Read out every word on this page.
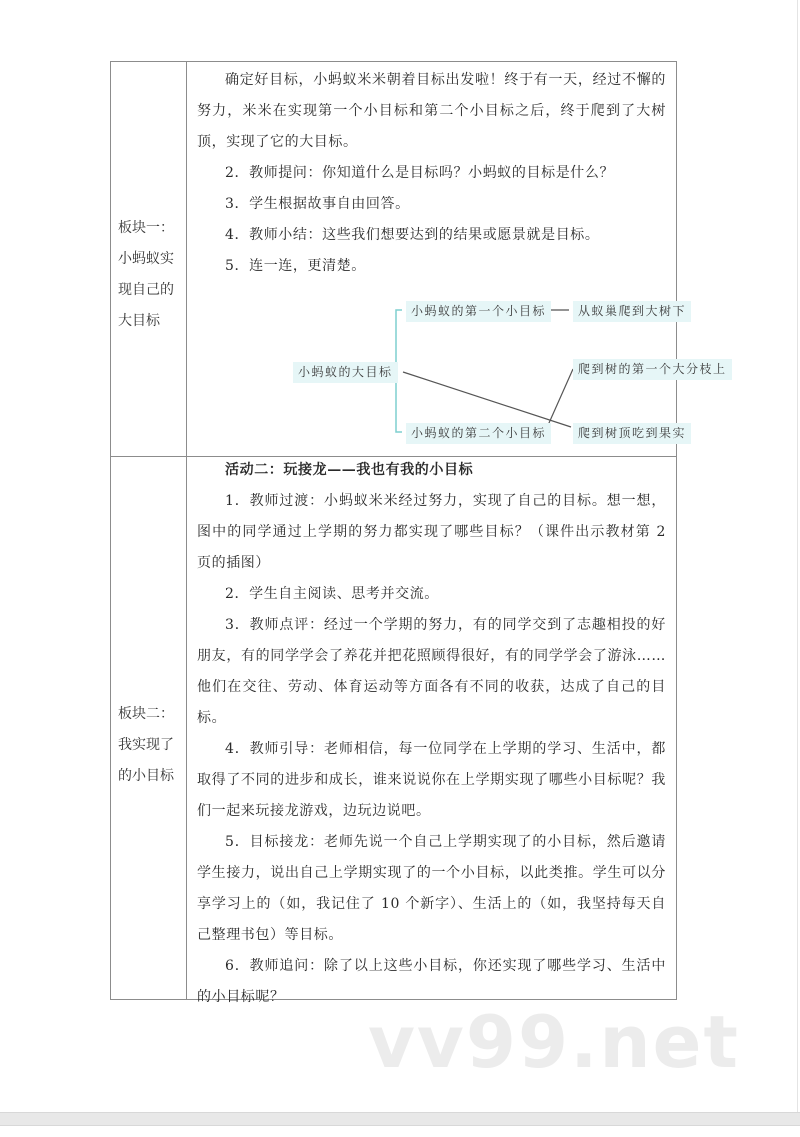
板块一：
小蚂蚁实
现自己的
大目标

确定好目标，小蚂蚁米米朝着目标出发啦！终于有一天，经过不懈的努力，米米在实现第一个小目标和第二个小目标之后，终于爬到了大树顶，实现了它的大目标。

2．教师提问：你知道什么是目标吗？小蚂蚁的目标是什么？

3．学生根据故事自由回答。

4．教师小结：这些我们想要达到的结果或愿景就是目标。

5．连一连，更清楚。

小蚂蚁的大目标
小蚂蚁的第一个小目标
小蚂蚁的第二个小目标
从蚁巢爬到大树下
爬到树的第一个大分枝上
爬到树顶吃到果实
板块二：
我实现了
的小目标

活动二：玩接龙——我也有我的小目标

1．教师过渡：小蚂蚁米米经过努力，实现了自己的目标。想一想，图中的同学通过上学期的努力都实现了哪些目标？（课件出示教材第 2 页的插图）

2．学生自主阅读、思考并交流。

3．教师点评：经过一个学期的努力，有的同学交到了志趣相投的好朋友，有的同学学会了养花并把花照顾得很好，有的同学学会了游泳……他们在交往、劳动、体育运动等方面各有不同的收获，达成了自己的目标。

4．教师引导：老师相信，每一位同学在上学期的学习、生活中，都取得了不同的进步和成长，谁来说说你在上学期实现了哪些小目标呢？我们一起来玩接龙游戏，边玩边说吧。

5．目标接龙：老师先说一个自己上学期实现了的小目标，然后邀请学生接力，说出自己上学期实现了的一个小目标，以此类推。学生可以分享学习上的（如，我记住了 10 个新字）、生活上的（如，我坚持每天自己整理书包）等目标。

6．教师追问：除了以上这些小目标，你还实现了哪些学习、生活中的小目标呢？

vv99.net
